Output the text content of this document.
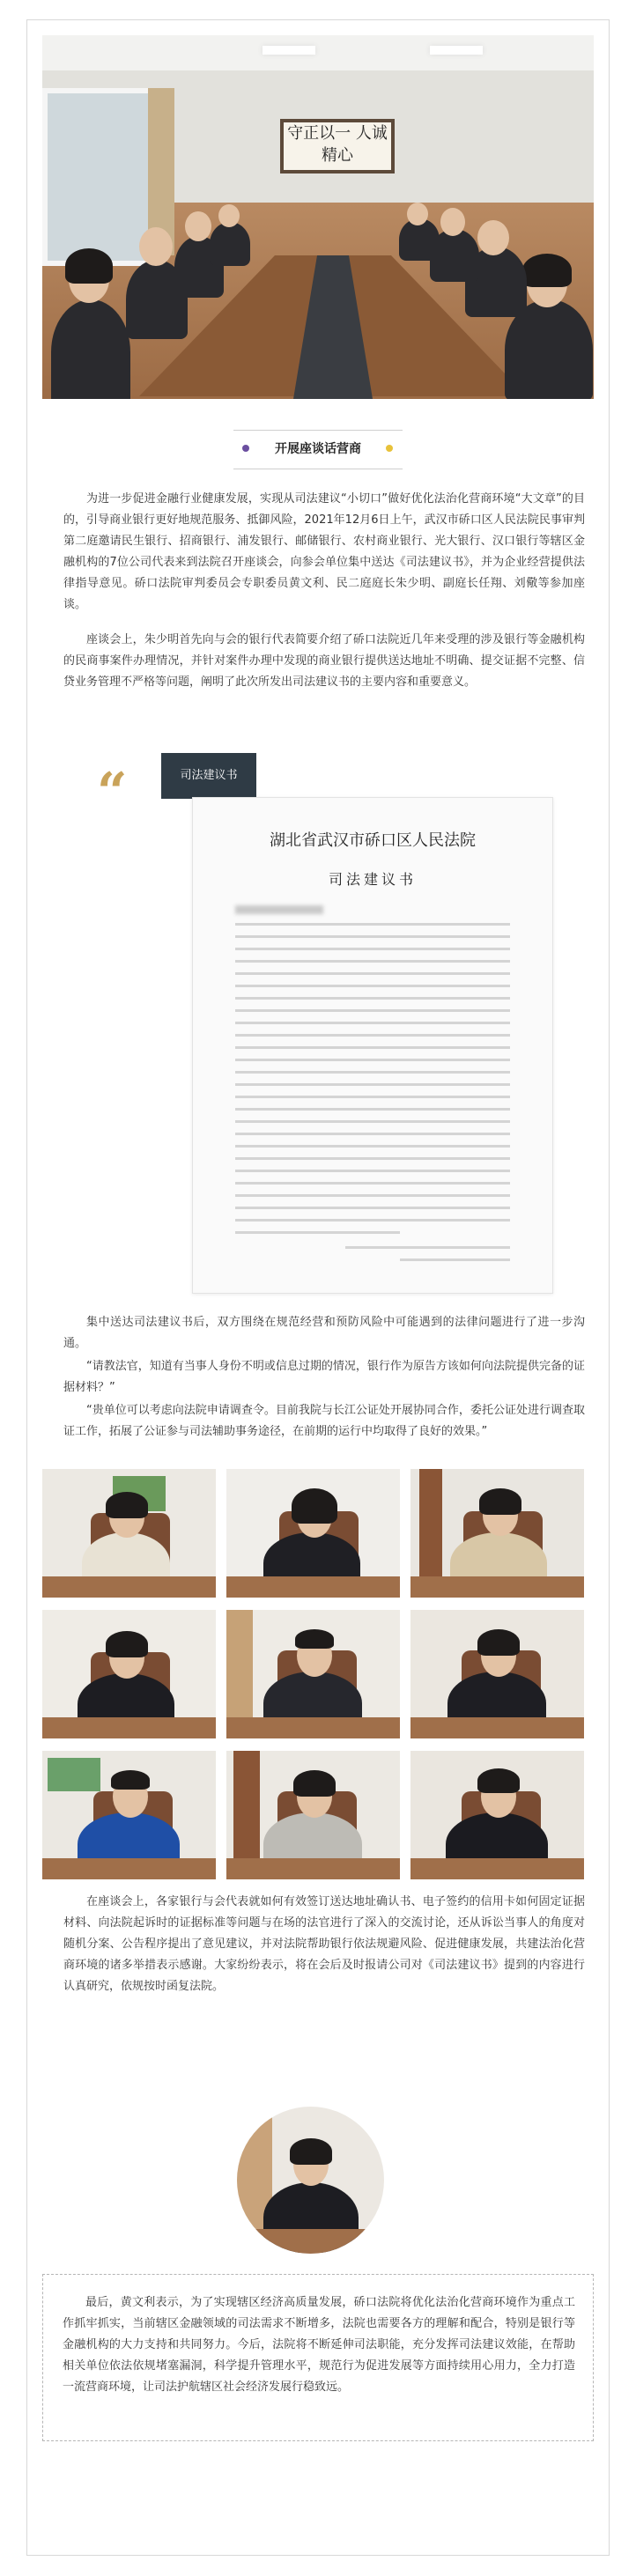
守正以一 人诚精心
开展座谈话营商

为进一步促进金融行业健康发展，实现从司法建议“小切口”做好优化法治化营商环境“大文章”的目的，引导商业银行更好地规范服务、抵御风险，2021年12月6日上午，武汉市硚口区人民法院民事审判第二庭邀请民生银行、招商银行、浦发银行、邮储银行、农村商业银行、光大银行、汉口银行等辖区金融机构的7位公司代表来到法院召开座谈会，向参会单位集中送达《司法建议书》，并为企业经营提供法律指导意见。硚口法院审判委员会专职委员黄文利、民二庭庭长朱少明、副庭长任翔、刘儆等参加座谈。

座谈会上，朱少明首先向与会的银行代表简要介绍了硚口法院近几年来受理的涉及银行等金融机构的民商事案件办理情况，并针对案件办理中发现的商业银行提供送达地址不明确、提交证据不完整、信贷业务管理不严格等问题，阐明了此次所发出司法建议书的主要内容和重要意义。

司法建议书
“
湖北省武汉市硚口区人民法院
司法建议书

集中送达司法建议书后，双方围绕在规范经营和预防风险中可能遇到的法律问题进行了进一步沟通。

“请教法官，知道有当事人身份不明或信息过期的情况，银行作为原告方该如何向法院提供完备的证据材料？”

“贵单位可以考虑向法院申请调查令。目前我院与长江公证处开展协同合作，委托公证处进行调查取证工作，拓展了公证参与司法辅助事务途径，在前期的运行中均取得了良好的效果。”

在座谈会上，各家银行与会代表就如何有效签订送达地址确认书、电子签约的信用卡如何固定证据材料、向法院起诉时的证据标准等问题与在场的法官进行了深入的交流讨论，还从诉讼当事人的角度对随机分案、公告程序提出了意见建议，并对法院帮助银行依法规避风险、促进健康发展，共建法治化营商环境的诸多举措表示感谢。大家纷纷表示，将在会后及时报请公司对《司法建议书》提到的内容进行认真研究，依规按时函复法院。

最后，黄文利表示，为了实现辖区经济高质量发展，硚口法院将优化法治化营商环境作为重点工作抓牢抓实，当前辖区金融领域的司法需求不断增多，法院也需要各方的理解和配合，特别是银行等金融机构的大力支持和共同努力。今后，法院将不断延伸司法职能，充分发挥司法建议效能，在帮助相关单位依法依规堵塞漏洞，科学提升管理水平，规范行为促进发展等方面持续用心用力，全力打造一流营商环境，让司法护航辖区社会经济发展行稳致远。
